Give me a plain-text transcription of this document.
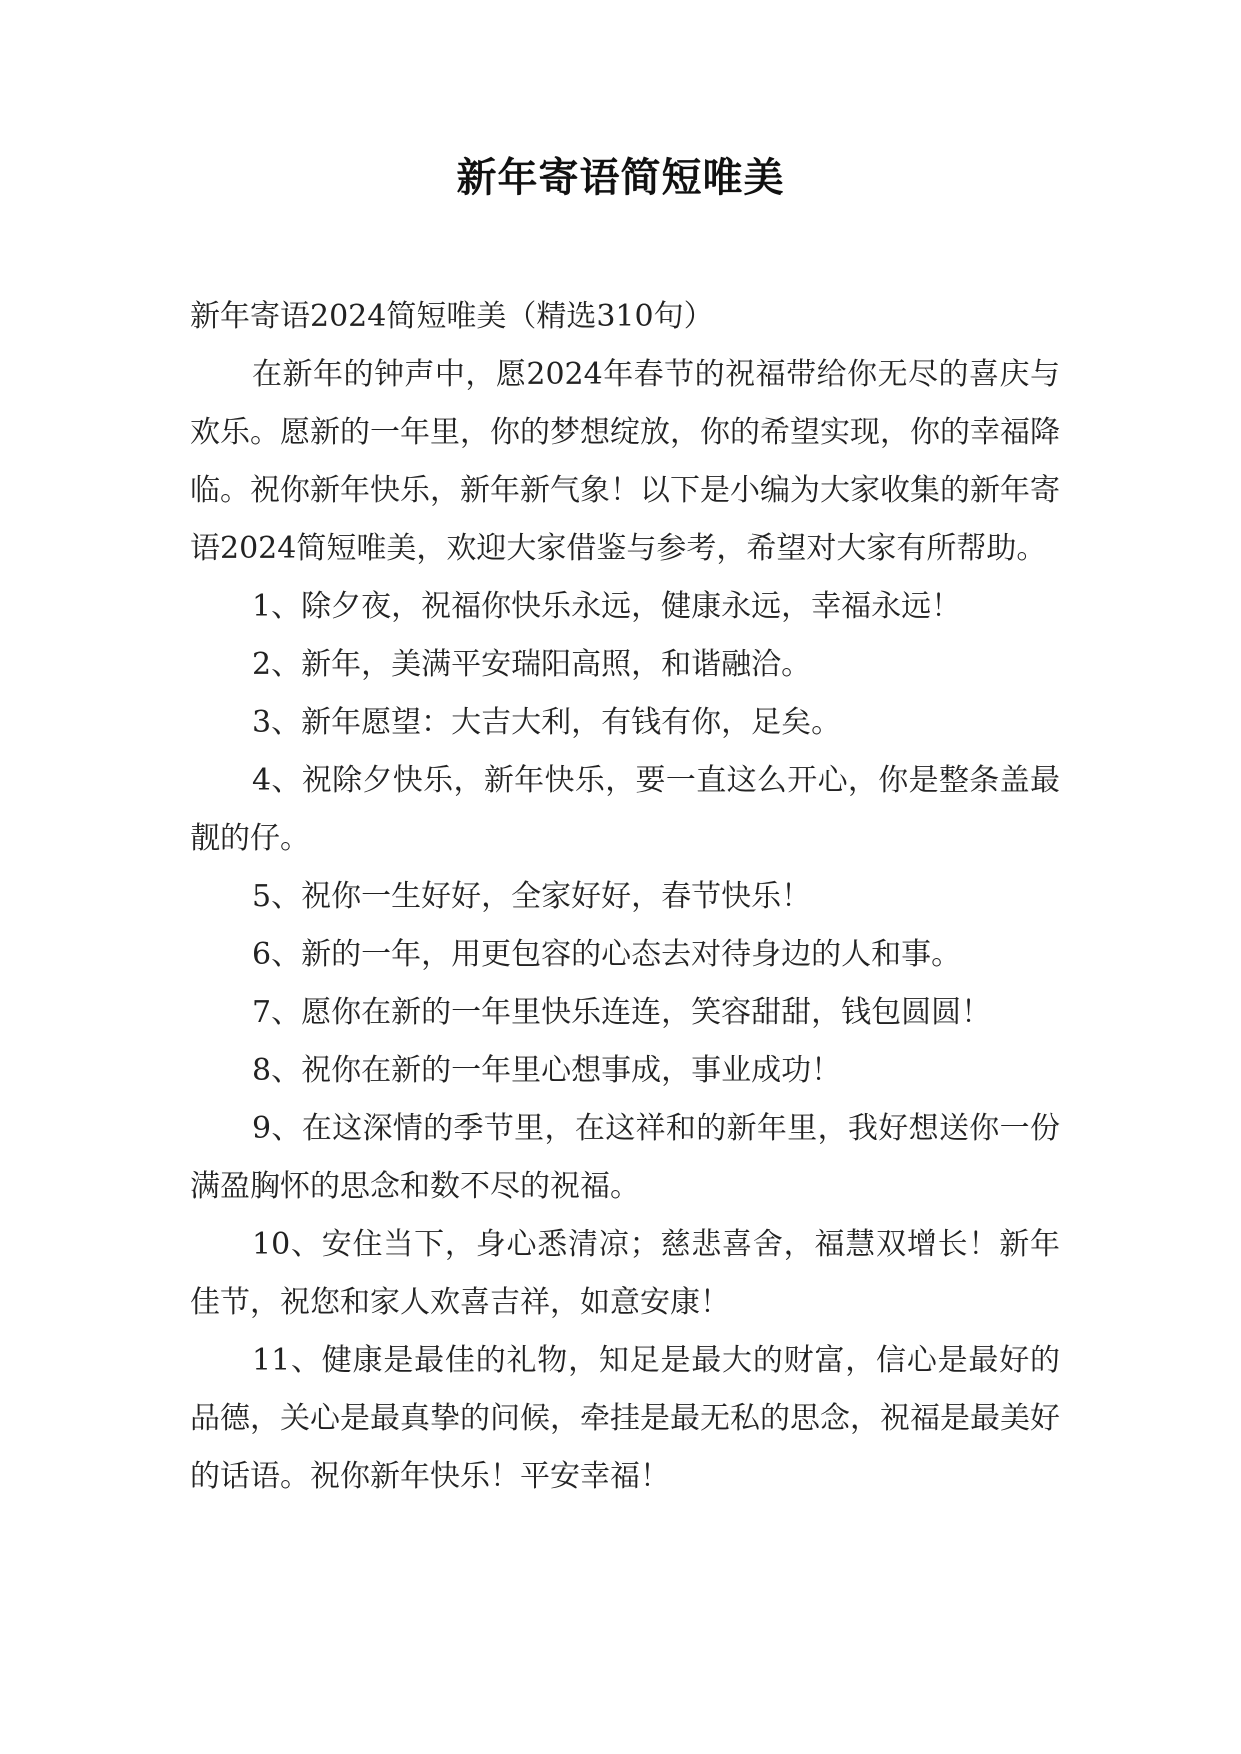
新年寄语简短唯美

新年寄语2024简短唯美（精选310句）

在新年的钟声中，愿2024年春节的祝福带给你无尽的喜庆与欢乐。愿新的一年里，你的梦想绽放，你的希望实现，你的幸福降临。祝你新年快乐，新年新气象！以下是小编为大家收集的新年寄语2024简短唯美，欢迎大家借鉴与参考，希望对大家有所帮助。

1、除夕夜，祝福你快乐永远，健康永远，幸福永远！

2、新年，美满平安瑞阳高照，和谐融洽。

3、新年愿望：大吉大利，有钱有你，足矣。

4、祝除夕快乐，新年快乐，要一直这么开心，你是整条盖最靓的仔。

5、祝你一生好好，全家好好，春节快乐！

6、新的一年，用更包容的心态去对待身边的人和事。

7、愿你在新的一年里快乐连连，笑容甜甜，钱包圆圆！

8、祝你在新的一年里心想事成，事业成功！

9、在这深情的季节里，在这祥和的新年里，我好想送你一份满盈胸怀的思念和数不尽的祝福。

10、安住当下，身心悉清凉；慈悲喜舍，福慧双增长！新年佳节，祝您和家人欢喜吉祥，如意安康！

11、健康是最佳的礼物，知足是最大的财富，信心是最好的品德，关心是最真挚的问候，牵挂是最无私的思念，祝福是最美好的话语。祝你新年快乐！平安幸福！
